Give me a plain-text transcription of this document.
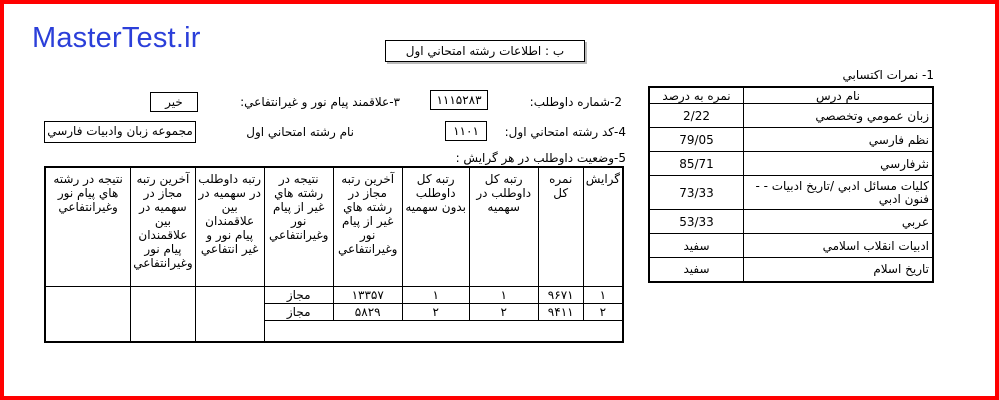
MasterTest.ir	ب : اطلاعات رشته امتحاني اول
2-شماره داوطلب:
۱۱۱۵۲۸۳
۳-علاقمند پيام نور و غيرانتفاعي:
خير
4-کد رشته امتحاني اول:
۱۱۰۱
نام رشته امتحاني اول
مجموعه زبان وادبيات فارسي
1- نمرات اکتسابي
نام درس	نمره به درصد
زبان عمومي وتخصصي	2/22
نظم فارسي	79/05
نثرفارسي	85/71
کليات مسائل ادبي /تاريخ ادبيات - - فنون ادبي	73/33
عربي	53/33
ادبيات انقلاب اسلامي	سفيد
تاريخ اسلام	سفيد
5-وضعيت داوطلب در هر گرايش :
گرايش	نمره کل	رتبه کل داوطلب در سهميه	رتبه کل داوطلب بدون سهميه	آخرين رتبه مجاز در رشته هاي غير از پيام نور وغيرانتفاعي	نتيجه در رشته هاي غير از پيام نور وغيرانتفاعي	رتبه داوطلب در سهميه در بين علاقمندان پيام نور و غير انتفاعي	آخرين رتبه مجاز در سهميه در بين علاقمندان پيام نور وغيرانتفاعي	نتيجه در رشته هاي پيام نور وغيرانتفاعي
۱	۹۶۷۱	۱	۱	۱۳۳۵۷	مجاز			
۲	۹۴۱۱	۲	۲	۵۸۲۹	مجاز			
